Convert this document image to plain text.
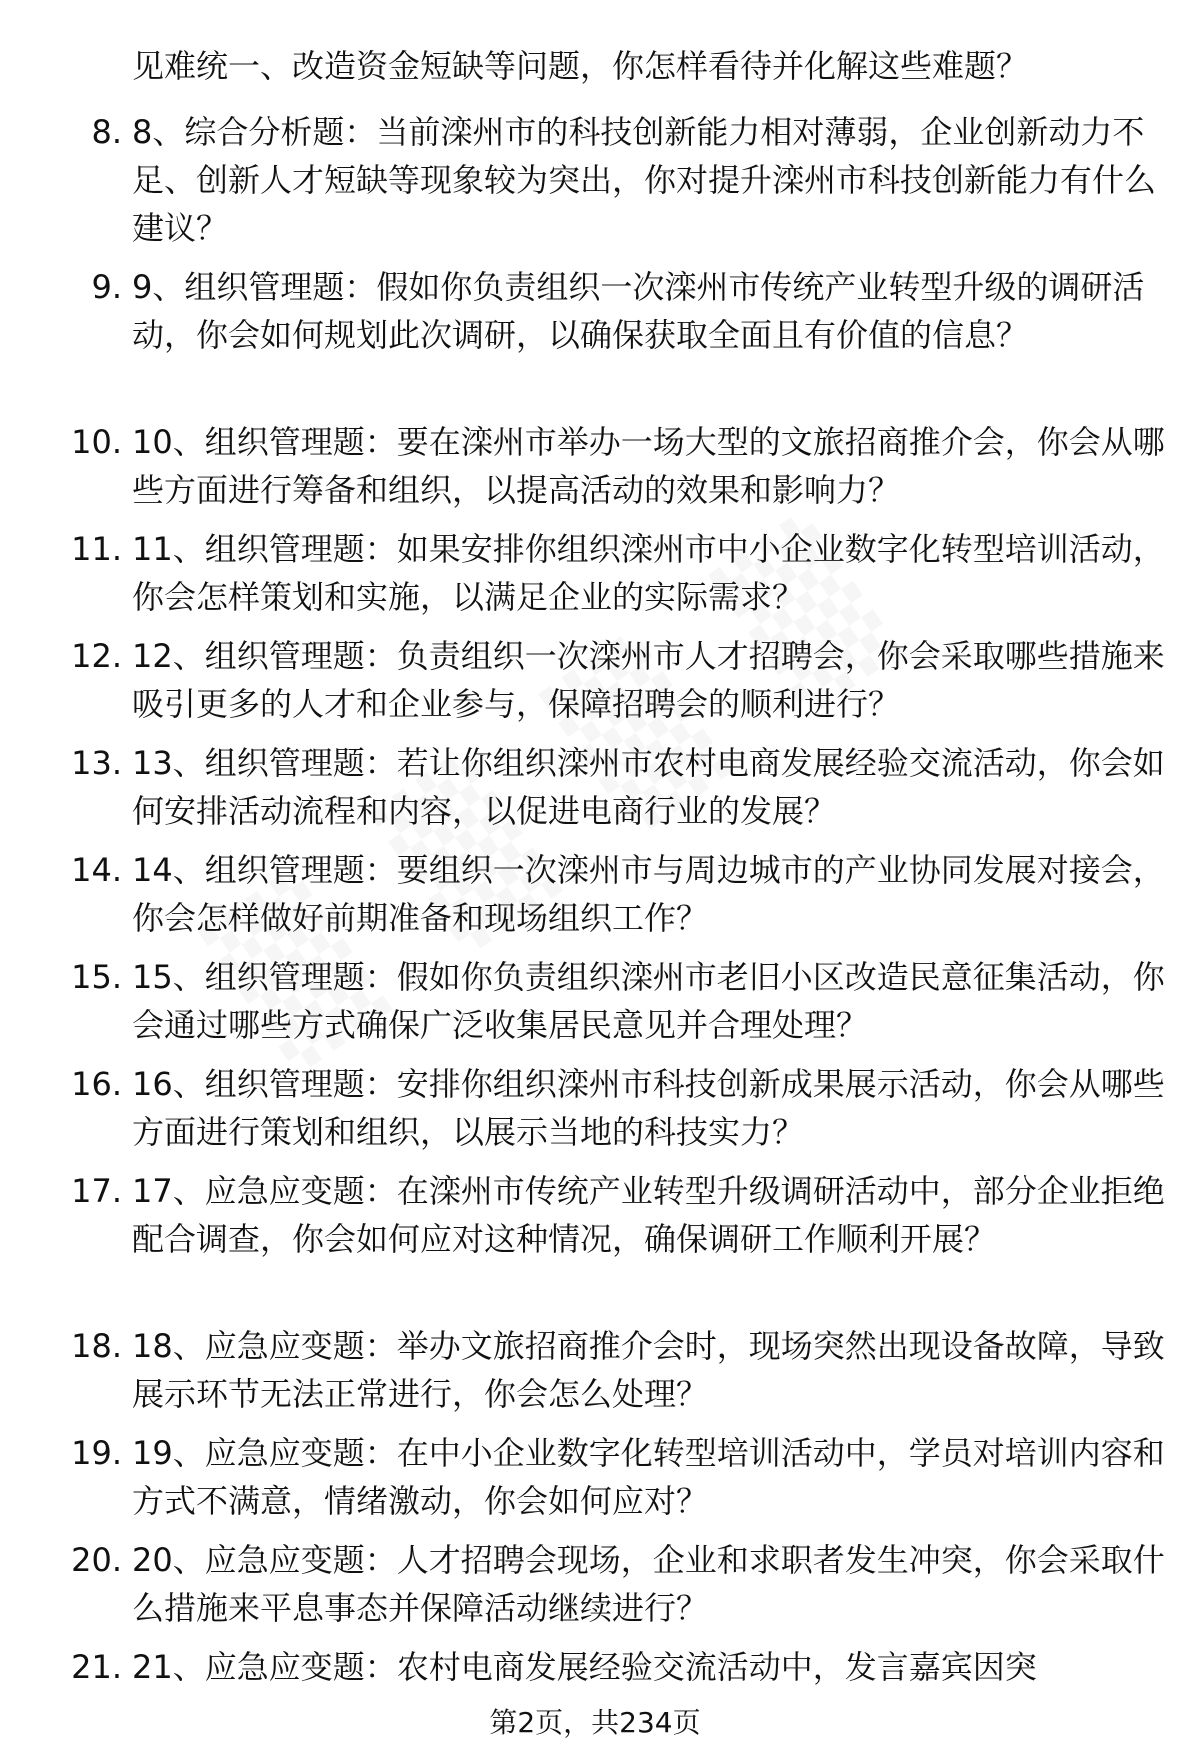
见难统一、改造资金短缺等问题，你怎样看待并化解这些难题？
8. 8、综合分析题：当前滦州市的科技创新能力相对薄弱，企业创新动力不足、创新人才短缺等现象较为突出，你对提升滦州市科技创新能力有什么建议？
9. 9、组织管理题：假如你负责组织一次滦州市传统产业转型升级的调研活动，你会如何规划此次调研，以确保获取全面且有价值的信息？
10. 10、组织管理题：要在滦州市举办一场大型的文旅招商推介会，你会从哪些方面进行筹备和组织，以提高活动的效果和影响力？
11. 11、组织管理题：如果安排你组织滦州市中小企业数字化转型培训活动，你会怎样策划和实施，以满足企业的实际需求？
12. 12、组织管理题：负责组织一次滦州市人才招聘会，你会采取哪些措施来吸引更多的人才和企业参与，保障招聘会的顺利进行？
13. 13、组织管理题：若让你组织滦州市农村电商发展经验交流活动，你会如何安排活动流程和内容，以促进电商行业的发展？
14. 14、组织管理题：要组织一次滦州市与周边城市的产业协同发展对接会，你会怎样做好前期准备和现场组织工作？
15. 15、组织管理题：假如你负责组织滦州市老旧小区改造民意征集活动，你会通过哪些方式确保广泛收集居民意见并合理处理？
16. 16、组织管理题：安排你组织滦州市科技创新成果展示活动，你会从哪些方面进行策划和组织，以展示当地的科技实力？
17. 17、应急应变题：在滦州市传统产业转型升级调研活动中，部分企业拒绝配合调查，你会如何应对这种情况，确保调研工作顺利开展？
18. 18、应急应变题：举办文旅招商推介会时，现场突然出现设备故障，导致展示环节无法正常进行，你会怎么处理？
19. 19、应急应变题：在中小企业数字化转型培训活动中，学员对培训内容和方式不满意，情绪激动，你会如何应对？
20. 20、应急应变题：人才招聘会现场，企业和求职者发生冲突，你会采取什么措施来平息事态并保障活动继续进行？
21. 21、应急应变题：农村电商发展经验交流活动中，发言嘉宾因突
第2页，共234页
